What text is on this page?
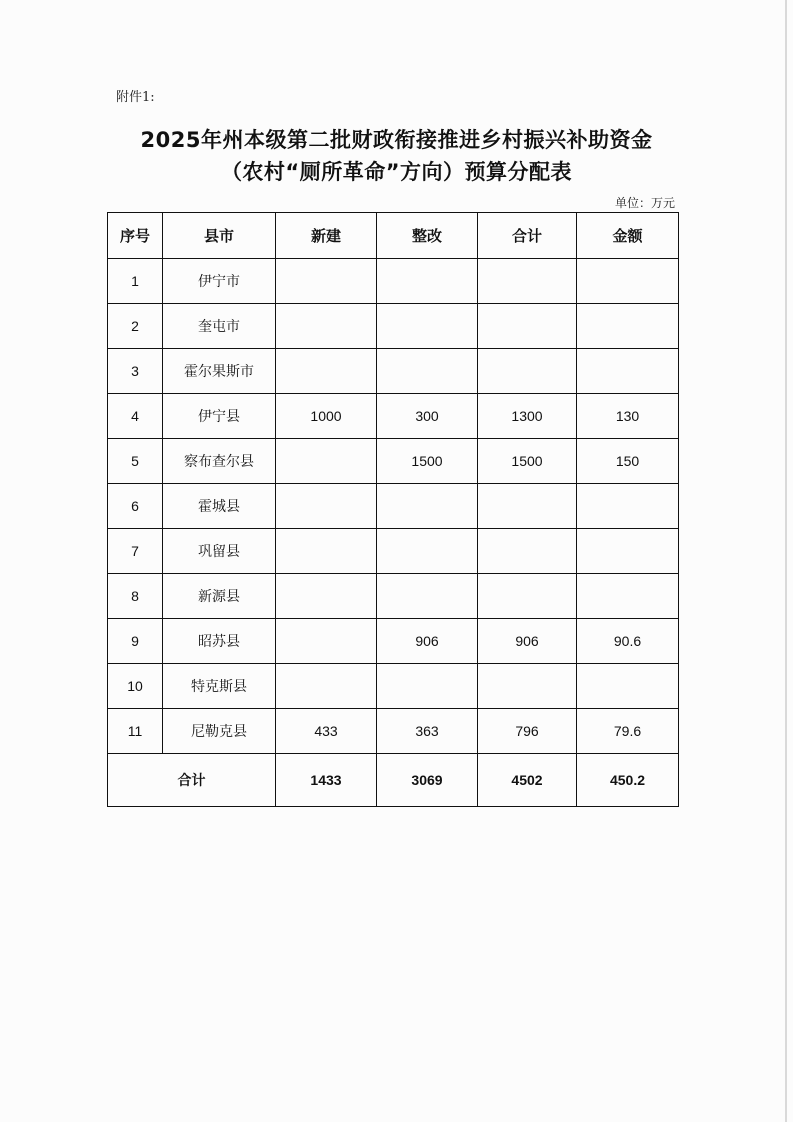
附件1:
2025年州本级第二批财政衔接推进乡村振兴补助资金
（农村“厕所革命”方向）预算分配表
单位：万元
序号	县市	新建	整改	合计	金额
1	伊宁市				
2	奎屯市				
3	霍尔果斯市				
4	伊宁县	1000	300	1300	130
5	察布查尔县		1500	1500	150
6	霍城县				
7	巩留县				
8	新源县				
9	昭苏县		906	906	90.6
10	特克斯县				
11	尼勒克县	433	363	796	79.6
合计		1433	3069	4502	450.2
